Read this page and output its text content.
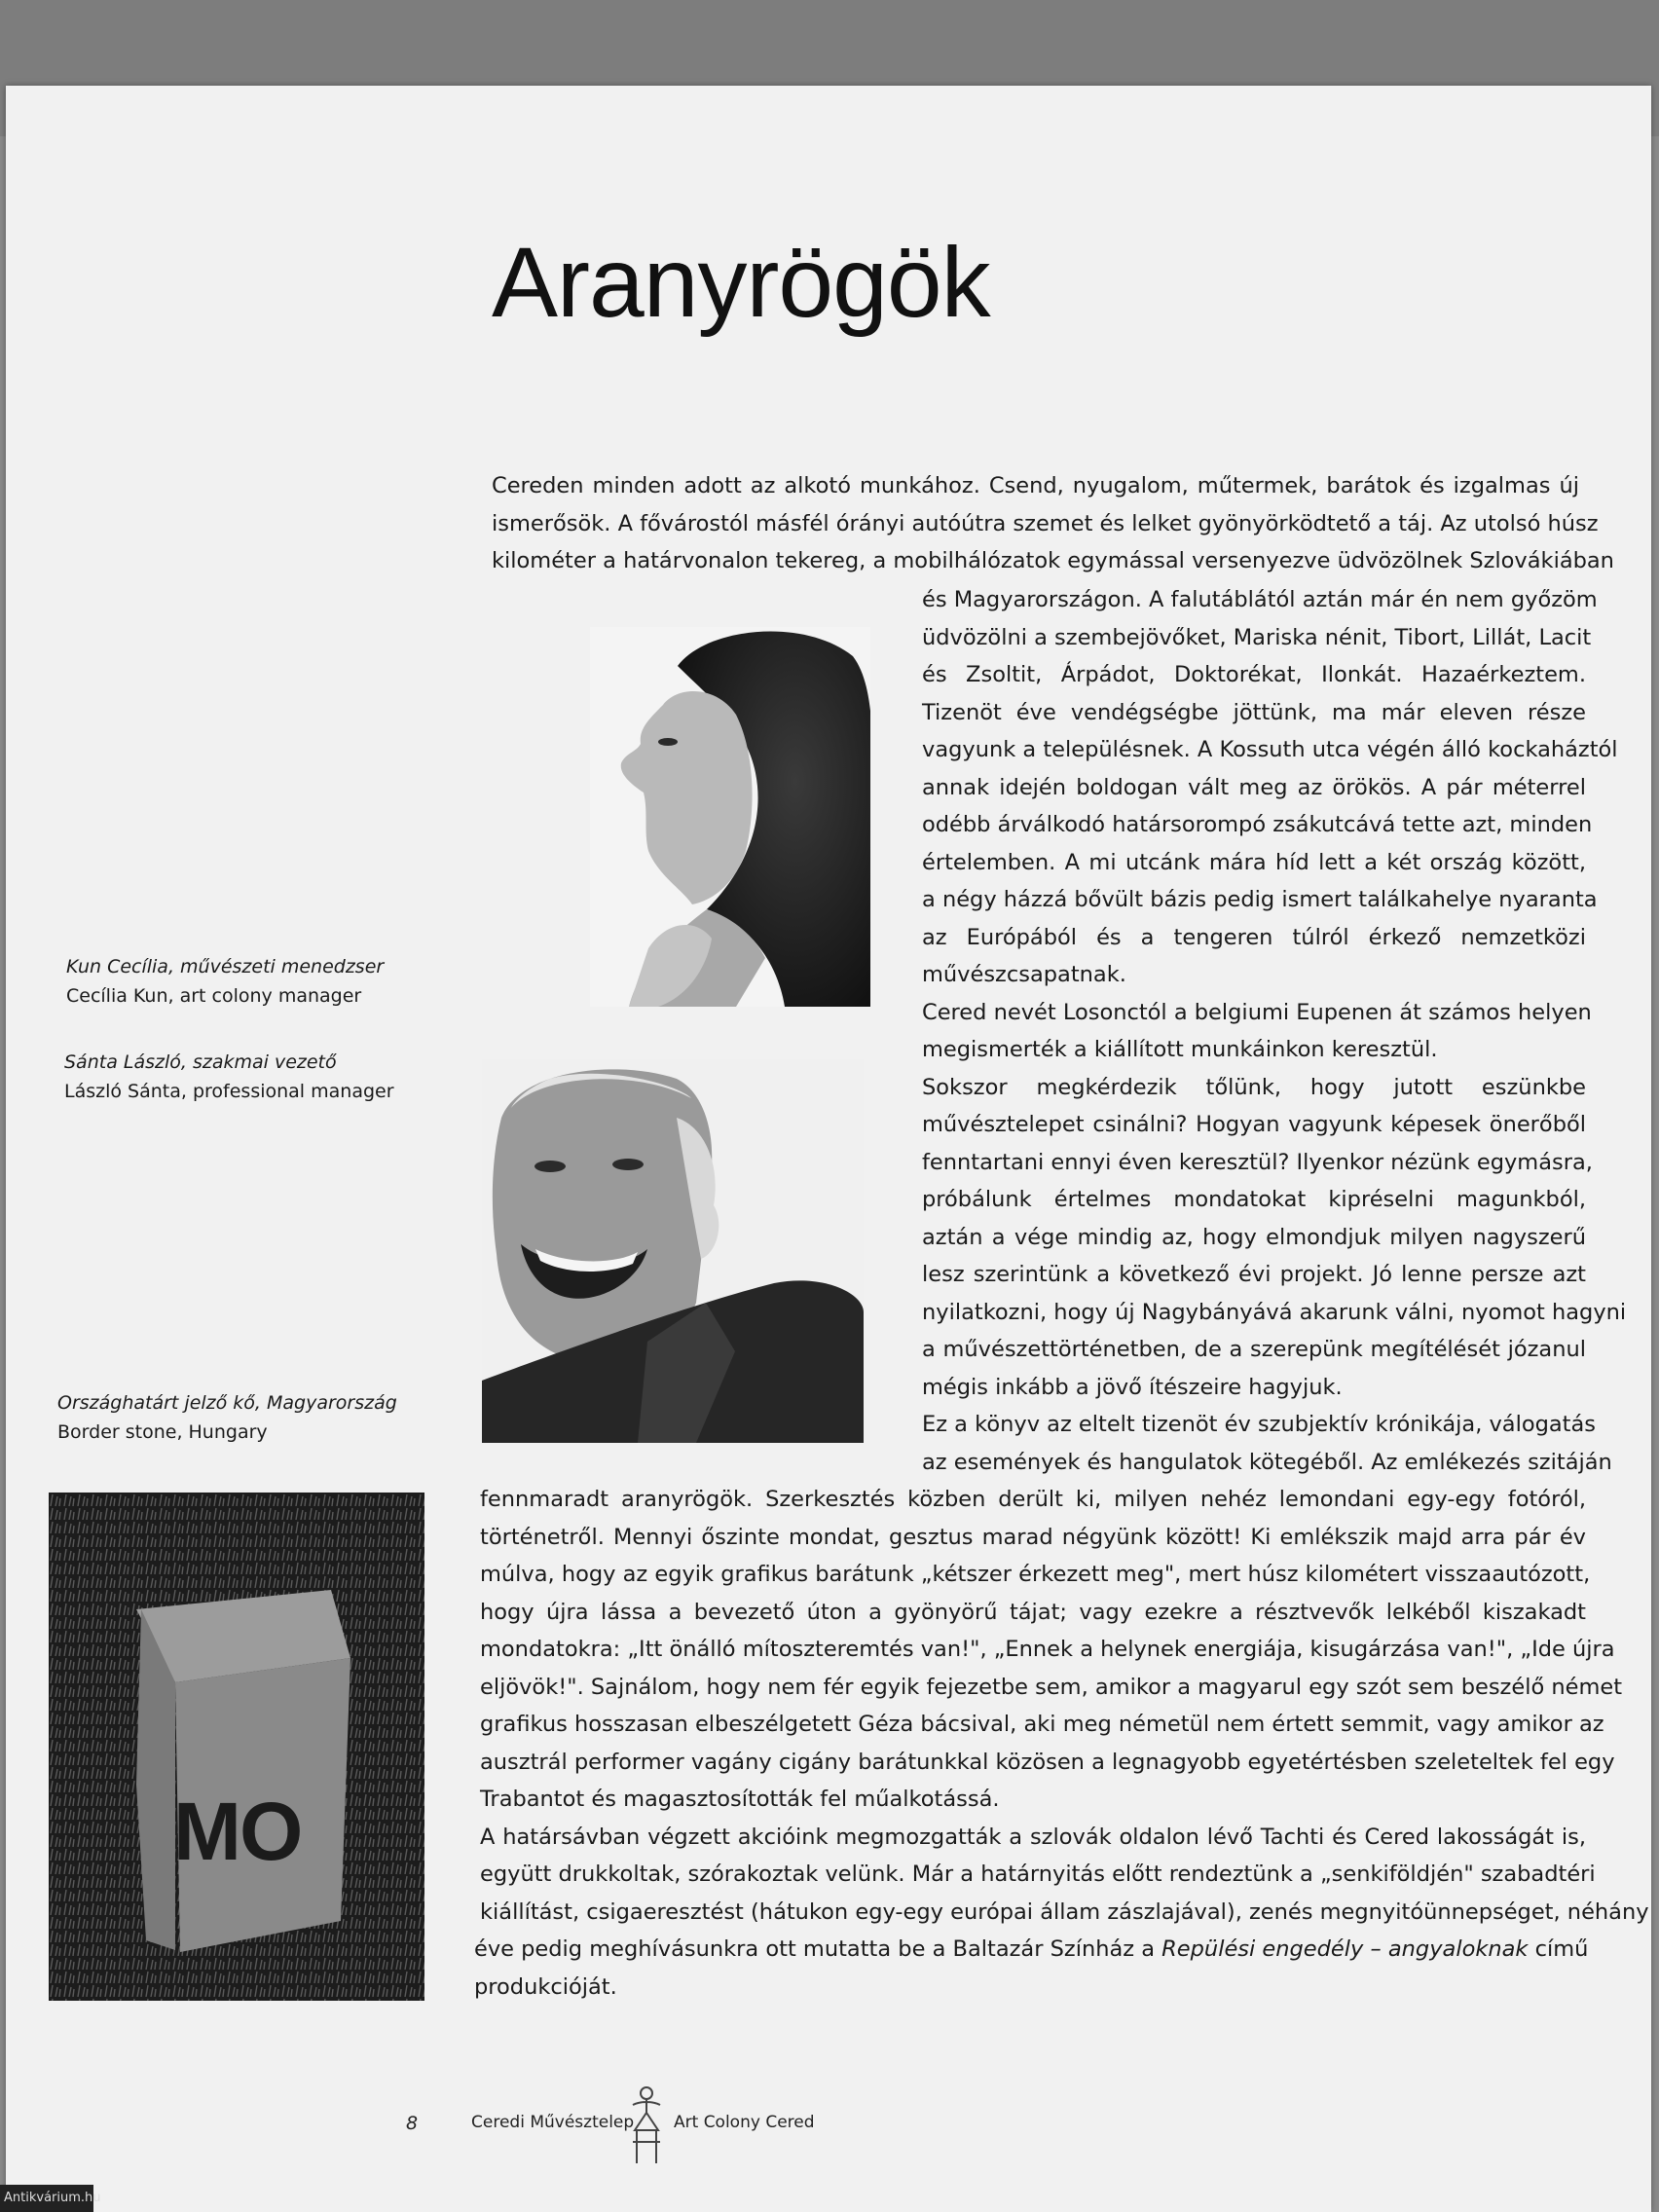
Aranyrögök
Cereden minden adott az alkotó munkához. Csend, nyugalom, műtermek, barátok és izgalmas új
ismerősök. A fővárostól másfél órányi autóútra szemet és lelket gyönyörködtető a táj. Az utolsó húsz
kilométer a határvonalon tekereg, a mobilhálózatok egymással versenyezve üdvözölnek Szlovákiában
és Magyarországon. A falutáblától aztán már én nem győzöm
üdvözölni a szembejövőket, Mariska nénit, Tibort, Lillát, Lacit
és Zsoltit, Árpádot, Doktorékat, Ilonkát. Hazaérkeztem.
Tizenöt éve vendégségbe jöttünk, ma már eleven része
vagyunk a településnek. A Kossuth utca végén álló kockaháztól
annak idején boldogan vált meg az örökös. A pár méterrel
odébb árválkodó határsorompó zsákutcává tette azt, minden
értelemben. A mi utcánk mára híd lett a két ország között,
a négy házzá bővült bázis pedig ismert találkahelye nyaranta
az Európából és a tengeren túlról érkező nemzetközi
művészcsapatnak.
Cered nevét Losonctól a belgiumi Eupenen át számos helyen
megismerték a kiállított munkáinkon keresztül.
Sokszor megkérdezik tőlünk, hogy jutott eszünkbe
művésztelepet csinálni? Hogyan vagyunk képesek önerőből
fenntartani ennyi éven keresztül? Ilyenkor nézünk egymásra,
próbálunk értelmes mondatokat kipréselni magunkból,
aztán a vége mindig az, hogy elmondjuk milyen nagyszerű
lesz szerintünk a következő évi projekt. Jó lenne persze azt
nyilatkozni, hogy új Nagybányává akarunk válni, nyomot hagyni
a művészettörténetben, de a szerepünk megítélését józanul
mégis inkább a jövő ítészeire hagyjuk.
Ez a könyv az eltelt tizenöt év szubjektív krónikája, válogatás
az események és hangulatok kötegéből. Az emlékezés szitáján
fennmaradt aranyrögök. Szerkesztés közben derült ki, milyen nehéz lemondani egy-egy fotóról,
történetről. Mennyi őszinte mondat, gesztus marad négyünk között! Ki emlékszik majd arra pár év
múlva, hogy az egyik grafikus barátunk „kétszer érkezett meg", mert húsz kilométert visszaautózott,
hogy újra lássa a bevezető úton a gyönyörű tájat; vagy ezekre a résztvevők lelkéből kiszakadt
mondatokra: „Itt önálló mítoszteremtés van!", „Ennek a helynek energiája, kisugárzása van!", „Ide újra
eljövök!". Sajnálom, hogy nem fér egyik fejezetbe sem, amikor a magyarul egy szót sem beszélő német
grafikus hosszasan elbeszélgetett Géza bácsival, aki meg németül nem értett semmit, vagy amikor az
ausztrál performer vagány cigány barátunkkal közösen a legnagyobb egyetértésben szeleteltek fel egy
Trabantot és magasztosították fel műalkotássá.
A határsávban végzett akcióink megmozgatták a szlovák oldalon lévő Tachti és Cered lakosságát is,
együtt drukkoltak, szórakoztak velünk. Már a határnyitás előtt rendeztünk a „senkiföldjén" szabadtéri
kiállítást, csigaeresztést (hátukon egy-egy európai állam zászlajával), zenés megnyitóünnepséget, néhány
éve pedig meghívásunkra ott mutatta be a Baltazár Színház a Repülési engedély – angyaloknak című
produkcióját.
MO
Kun Cecília, művészeti menedzser
Cecília Kun, art colony manager
Sánta László, szakmai vezető
László Sánta, professional manager
Országhatárt jelző kő, Magyarország
Border stone, Hungary
8	Ceredi Művésztelep Art Colony Cered
Antikvárium.hu
